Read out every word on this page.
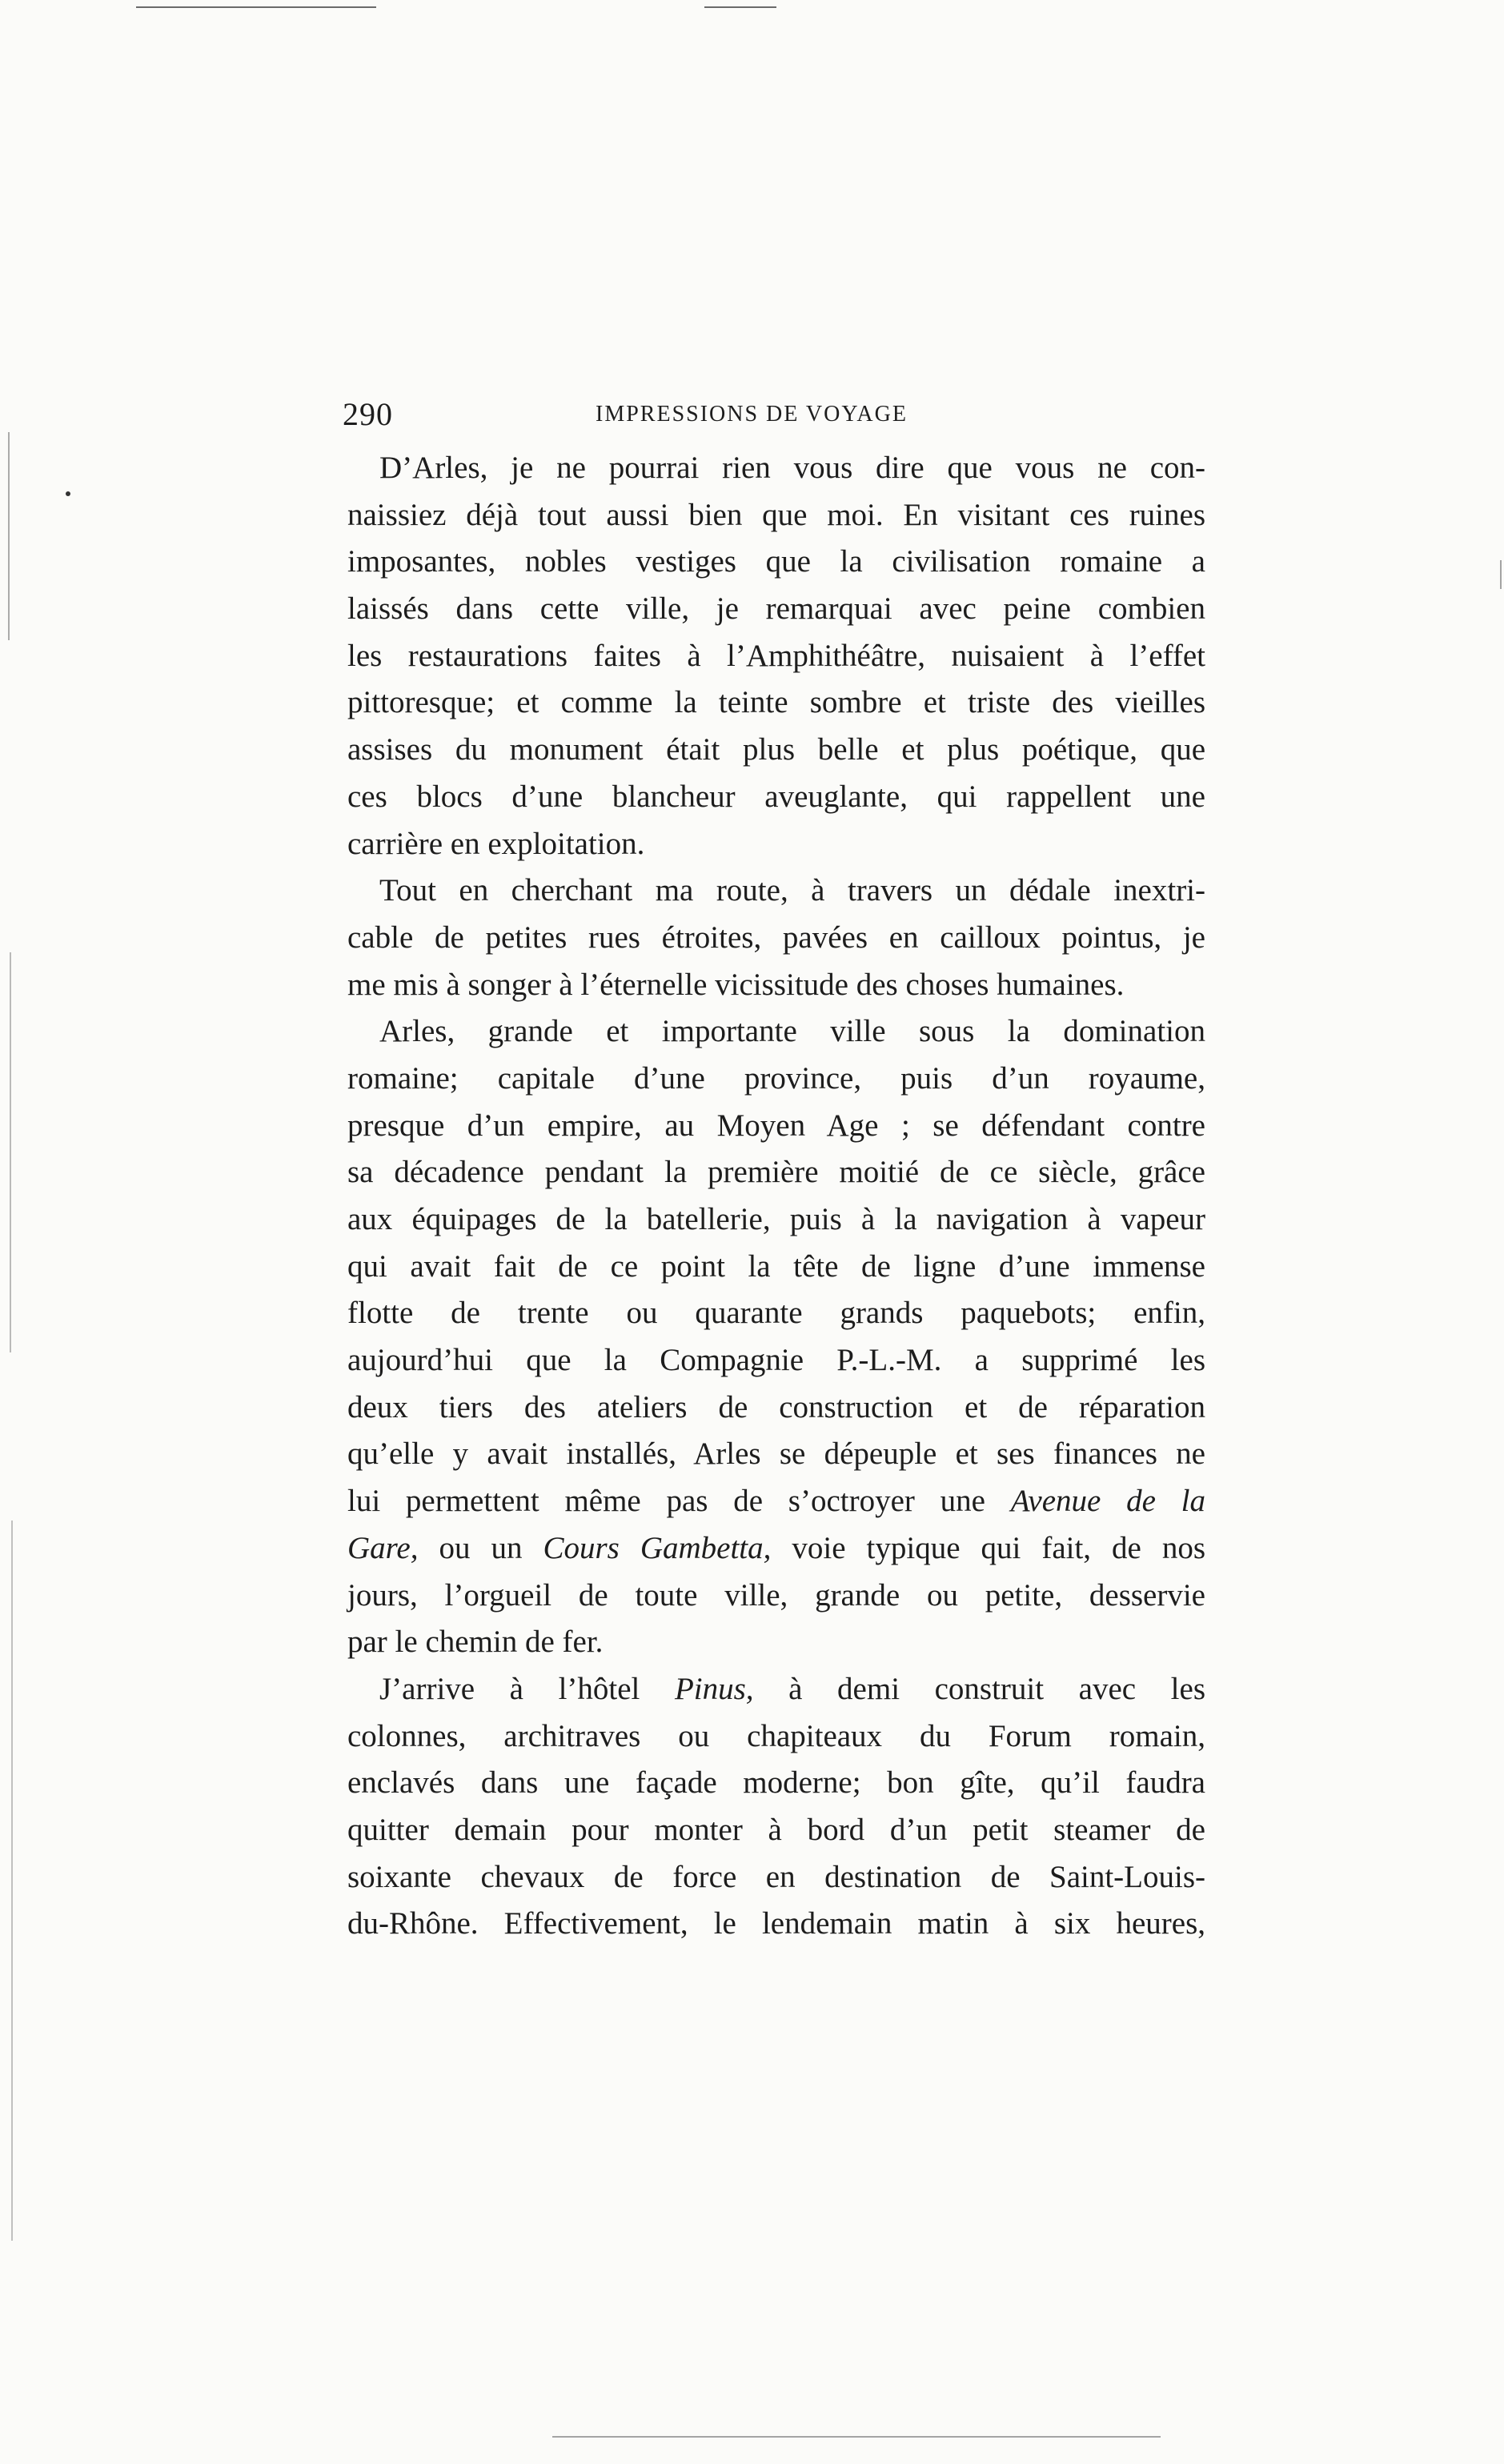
290	IMPRESSIONS DE VOYAGE
D’Arles, je ne pourrai rien vous dire que vous ne con-
naissiez déjà tout aussi bien que moi. En visitant ces ruines
imposantes, nobles vestiges que la civilisation romaine a
laissés dans cette ville, je remarquai avec peine combien
les restaurations faites à l’Amphithéâtre, nuisaient à l’effet
pittoresque; et comme la teinte sombre et triste des vieilles
assises du monument était plus belle et plus poétique, que
ces blocs d’une blancheur aveuglante, qui rappellent une
carrière en exploitation.
Tout en cherchant ma route, à travers un dédale inextri-
cable de petites rues étroites, pavées en cailloux pointus, je
me mis à songer à l’éternelle vicissitude des choses humaines.
Arles, grande et importante ville sous la domination
romaine; capitale d’une province, puis d’un royaume,
presque d’un empire, au Moyen Age ; se défendant contre
sa décadence pendant la première moitié de ce siècle, grâce
aux équipages de la batellerie, puis à la navigation à vapeur
qui avait fait de ce point la tête de ligne d’une immense
flotte de trente ou quarante grands paquebots; enfin,
aujourd’hui que la Compagnie P.-L.-M. a supprimé les
deux tiers des ateliers de construction et de réparation
qu’elle y avait installés, Arles se dépeuple et ses finances ne
lui permettent même pas de s’octroyer une Avenue de la
Gare, ou un Cours Gambetta, voie typique qui fait, de nos
jours, l’orgueil de toute ville, grande ou petite, desservie
par le chemin de fer.
J’arrive à l’hôtel Pinus, à demi construit avec les
colonnes, architraves ou chapiteaux du Forum romain,
enclavés dans une façade moderne; bon gîte, qu’il faudra
quitter demain pour monter à bord d’un petit steamer de
soixante chevaux de force en destination de Saint-Louis-
du-Rhône. Effectivement, le lendemain matin à six heures,
